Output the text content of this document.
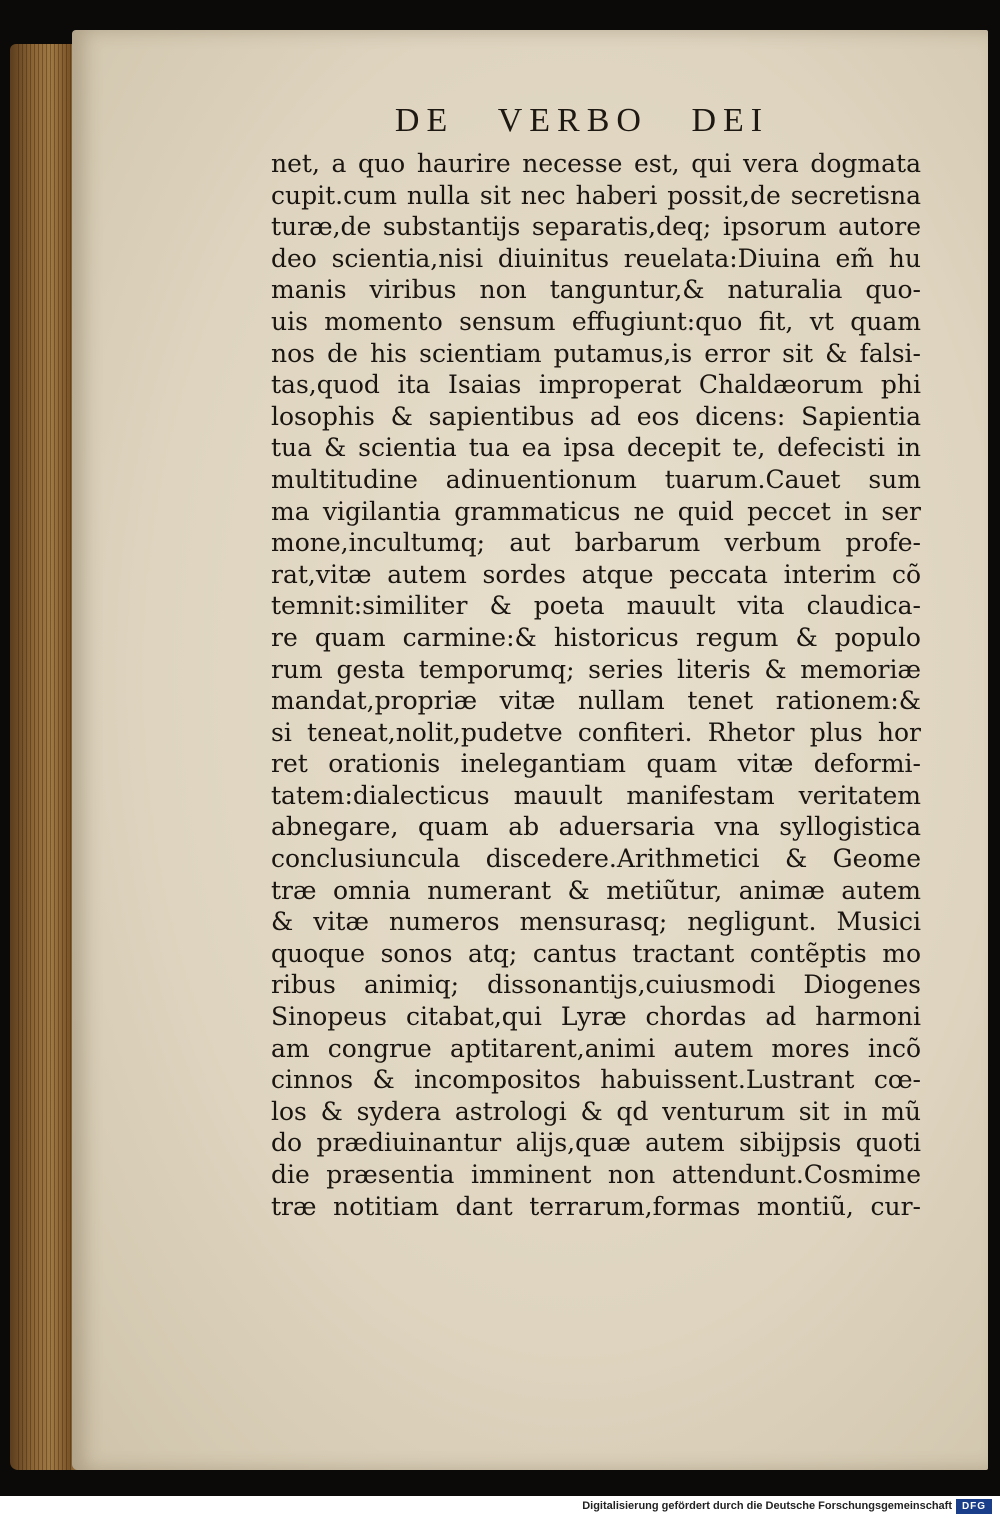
DE VERBO DEI
net, a quo haurire necesse est, qui vera dogmata
cupit.cum nulla sit nec haberi possit,de secretisna
turæ,de substantijs separatis,deq; ipsorum autore
deo scientia,nisi diuinitus reuelata:Diuina em̃ hu
manis viribus non tanguntur,& naturalia quo-
uis momento sensum effugiunt:quo fit, vt quam
nos de his scientiam putamus,is error sit & falsi-
tas,quod ita Isaias improperat Chaldæorum phi
losophis & sapientibus ad eos dicens: Sapientia
tua & scientia tua ea ipsa decepit te, defecisti in
multitudine adinuentionum tuarum.Cauet sum
ma vigilantia grammaticus ne quid peccet in ser
mone,incultumq; aut barbarum verbum profe-
rat,vitæ autem sordes atque peccata interim cõ
temnit:similiter & poeta mauult vita claudica-
re quam carmine:& historicus regum & populo
rum gesta temporumq; series literis & memoriæ
mandat,propriæ vitæ nullam tenet rationem:&
si teneat,nolit,pudetve confiteri. Rhetor plus hor
ret orationis inelegantiam quam vitæ deformi-
tatem:dialecticus mauult manifestam veritatem
abnegare, quam ab aduersaria vna syllogistica
conclusiuncula discedere.Arithmetici & Geome
træ omnia numerant & metiũtur, animæ autem
& vitæ numeros mensurasq; negligunt. Musici
quoque sonos atq; cantus tractant contẽptis mo
ribus animiq; dissonantijs,cuiusmodi Diogenes
Sinopeus citabat,qui Lyræ chordas ad harmoni
am congrue aptitarent,animi autem mores incõ
cinnos & incompositos habuissent.Lustrant cœ-
los & sydera astrologi & qd venturum sit in mũ
do prædiuinantur alijs,quæ autem sibijpsis quoti
die præsentia imminent non attendunt.Cosmime
træ notitiam dant terrarum,formas montiũ, cur-
Digitalisierung gefördert durch die Deutsche Forschungsgemeinschaft DFG
